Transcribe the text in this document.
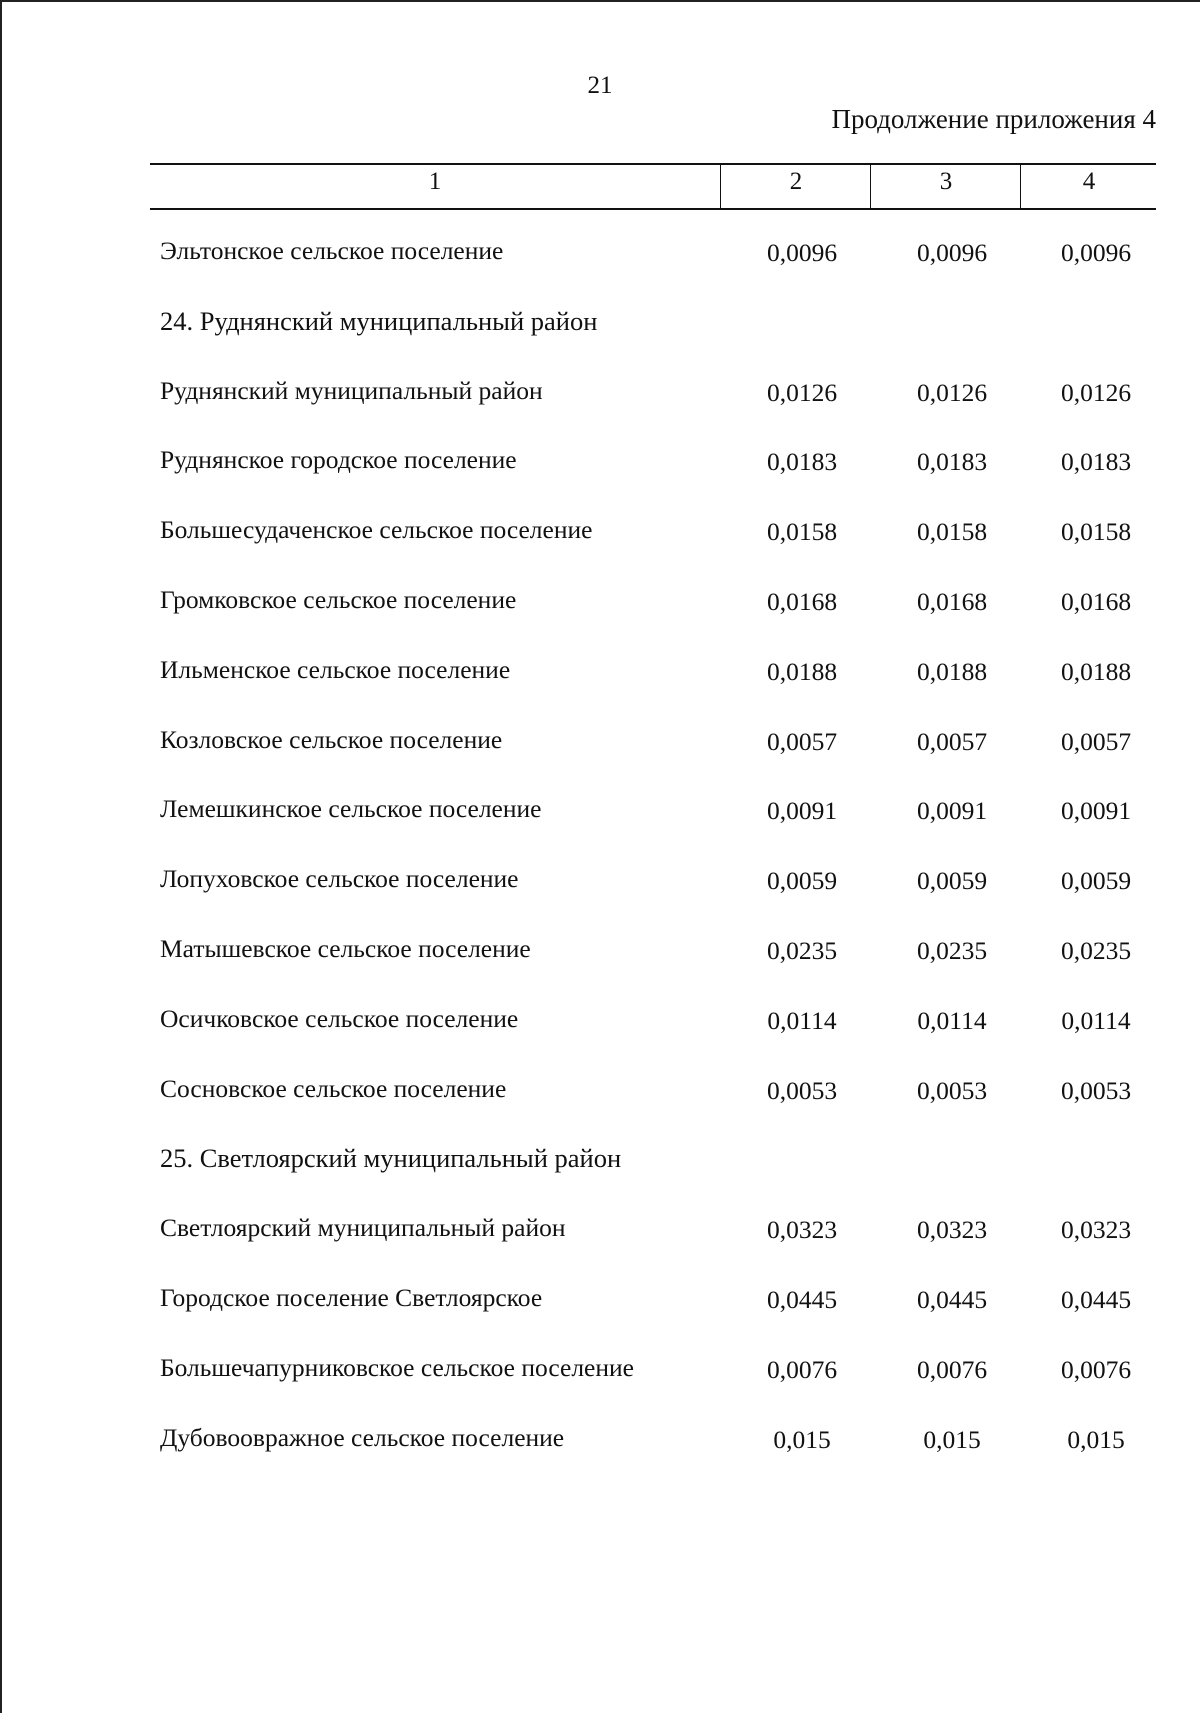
21
Продолжение приложения 4
1	2	3	4
Эльтонское сельское поселение	0,0096	0,0096	0,0096
24. Руднянский муниципальный район
Руднянский муниципальный район	0,0126	0,0126	0,0126
Руднянское городское поселение	0,0183	0,0183	0,0183
Большесудаченское сельское поселение	0,0158	0,0158	0,0158
Громковское сельское поселение	0,0168	0,0168	0,0168
Ильменское сельское поселение	0,0188	0,0188	0,0188
Козловское сельское поселение	0,0057	0,0057	0,0057
Лемешкинское сельское поселение	0,0091	0,0091	0,0091
Лопуховское сельское поселение	0,0059	0,0059	0,0059
Матышевское сельское поселение	0,0235	0,0235	0,0235
Осичковское сельское поселение	0,0114	0,0114	0,0114
Сосновское сельское поселение	0,0053	0,0053	0,0053
25. Светлоярский муниципальный район
Светлоярский муниципальный район	0,0323	0,0323	0,0323
Городское поселение Светлоярское	0,0445	0,0445	0,0445
Большечапурниковское сельское поселение	0,0076	0,0076	0,0076
Дубовоовражное сельское поселение	0,015	0,015	0,015
